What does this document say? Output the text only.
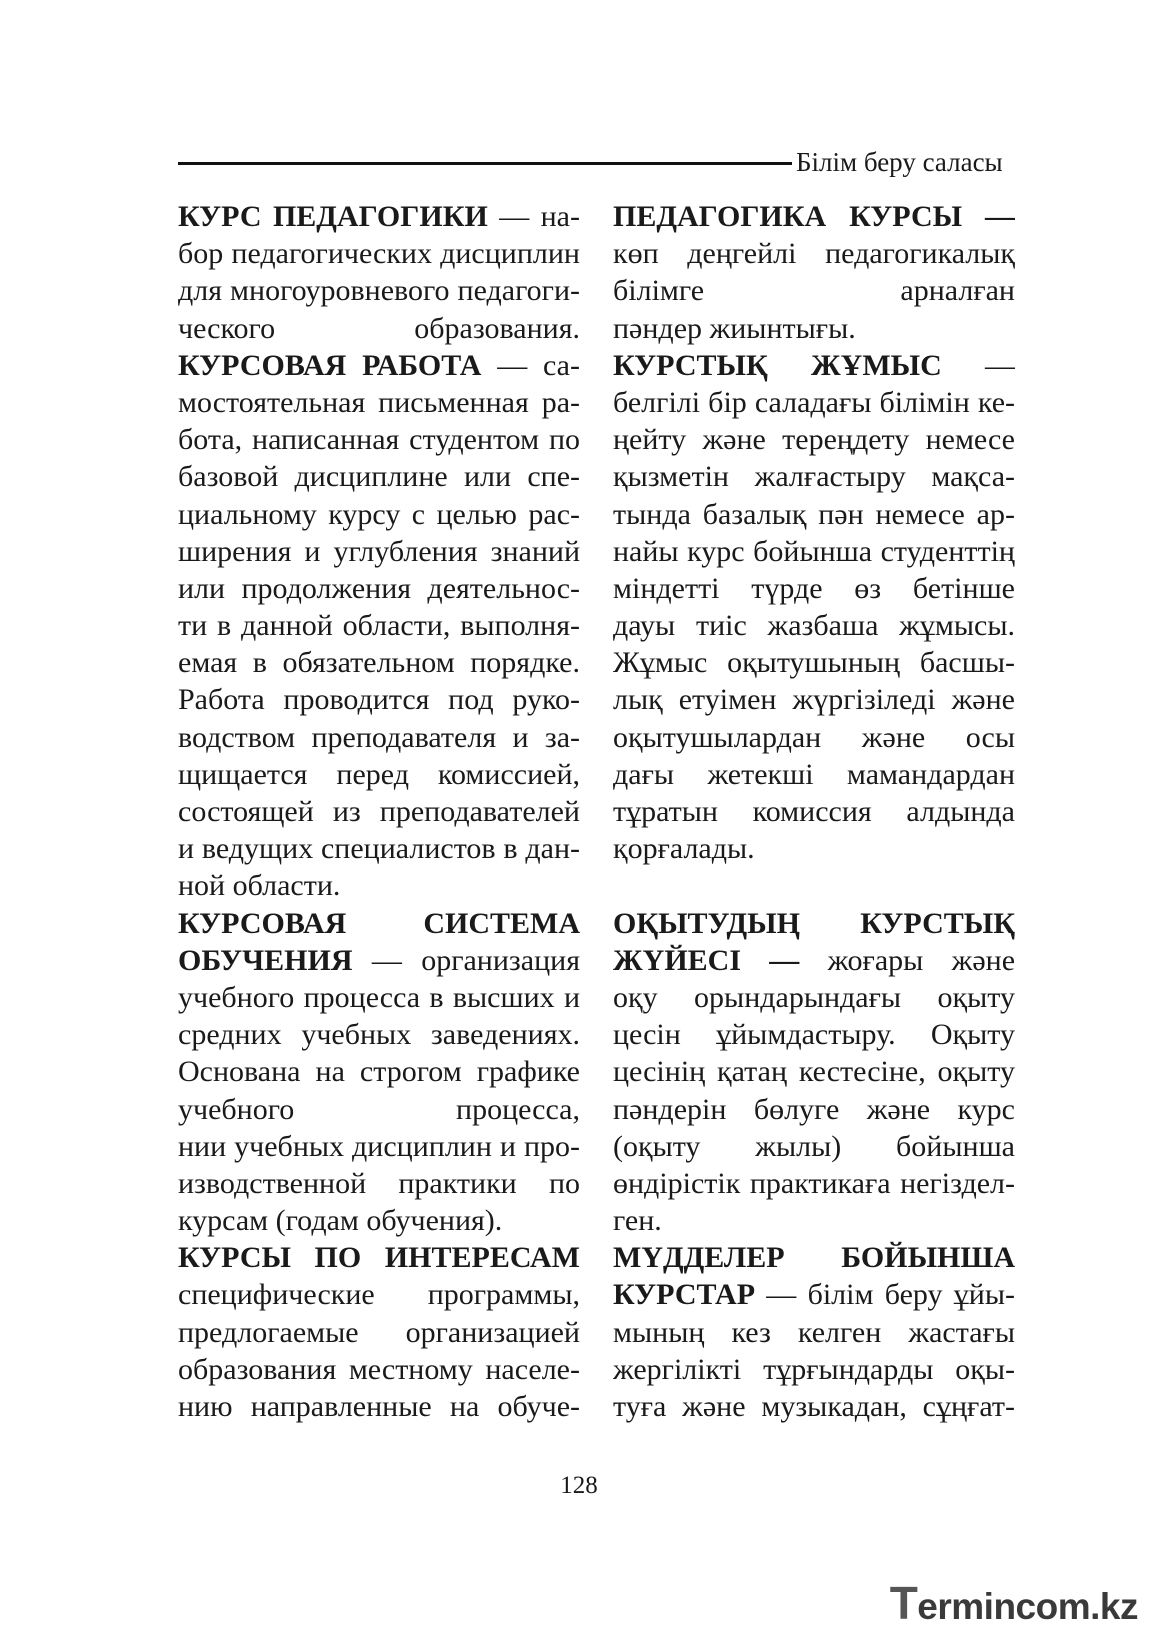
Білім беру саласы
КУРС ПЕДАГОГИКИ — на-
бор педагогических дисциплин
для многоуровневого педагоги-
ческого образования.
КУРСОВАЯ РАБОТА — са-
мостоятельная письменная ра-
бота, написанная студентом по
базовой дисциплине или спе-
циальному курсу с целью рас-
ширения и углубления знаний
или продолжения деятельнос-
ти в данной области, выполня-
емая в обязательном порядке.
Работа проводится под руко-
водством преподавателя и за-
щищается перед комиссией,
состоящей из преподавателей
и ведущих специалистов в дан-
ной области.
КУРСОВАЯ СИСТЕМА
ОБУЧЕНИЯ — организация
учебного процесса в высших и
средних учебных заведениях.
Основана на строгом графике
учебного процесса,
нии учебных дисциплин и про-
изводственной практики по
курсам (годам обучения).
КУРСЫ ПО ИНТЕРЕСАМ
специфические программы,
предлогаемые организацией
образования местному населе-
нию направленные на обуче-
ПЕДАГОГИКА КУРСЫ —
көп деңгейлі педагогикалық
білімге арналған
пәндер жиынтығы.
КУРСТЫҚ ЖҰМЫС —
белгілі бір саладағы білімін ке-
ңейту және тереңдету немесе
қызметін жалғастыру мақса-
тында базалық пән немесе ар-
найы курс бойынша студенттің
міндетті түрде өз бетінше
дауы тиіс жазбаша жұмысы.
Жұмыс оқытушының басшы-
лық етуімен жүргізіледі және
оқытушылардан және осы
дағы жетекші мамандардан
тұратын комиссия алдында
қорғалады.
ОҚЫТУДЫҢ КУРСТЫҚ
ЖҮЙЕСІ — жоғары және
оқу орындарындағы оқыту
цесін ұйымдастыру. Оқыту
цесінің қатаң кестесіне, оқыту
пәндерін бөлуге және курс
(оқыту жылы) бойынша
өндірістік практикаға негіздел-
ген.
МҮДДЕЛЕР БОЙЫНША
КУРСТАР — білім беру ұйы-
мының кез келген жастағы
жергілікті тұрғындарды оқы-
туға және музыкадан, сұңғат-
128
Termincom.kz
